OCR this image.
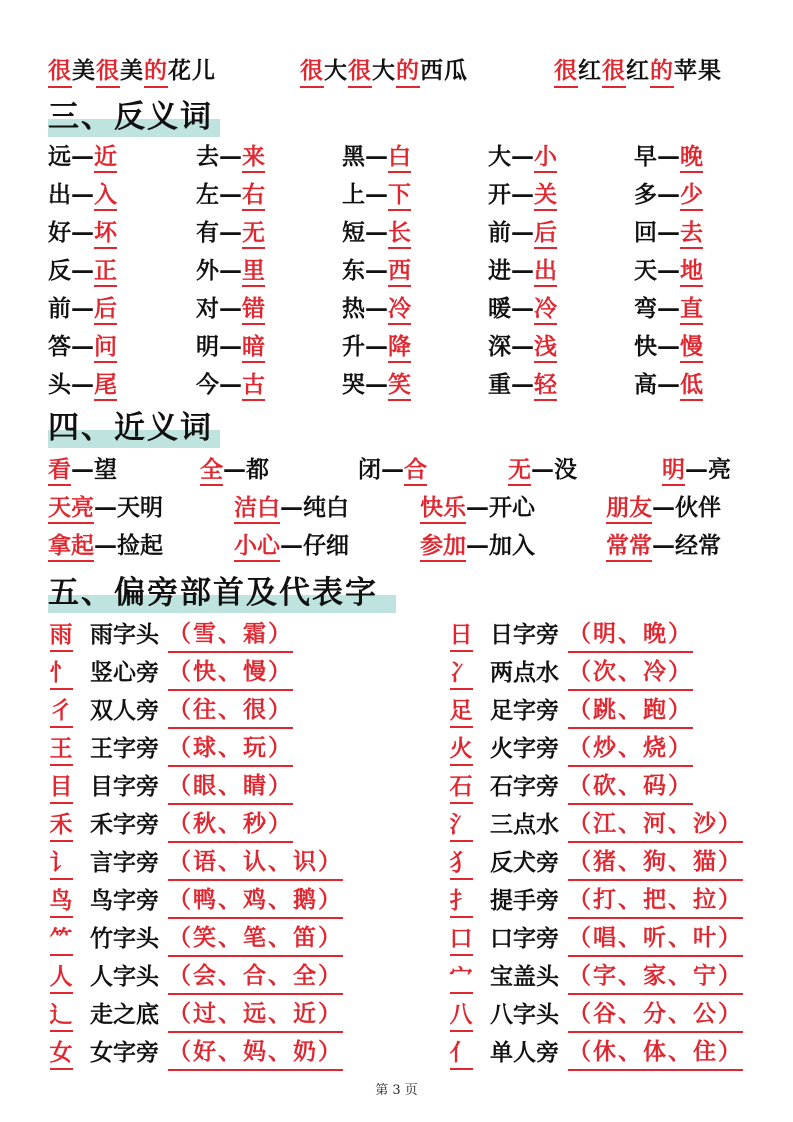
很美很美的花儿	很大很大的西瓜	很红很红的苹果
三、反义词
远—近	去—来	黑—白	大—小	早—晚
出—入	左—右	上—下	开—关	多—少
好—坏	有—无	短—长	前—后	回—去
反—正	外—里	东—西	进—出	天—地
前—后	对—错	热—冷	暖—冷	弯—直
答—问	明—暗	升—降	深—浅	快—慢
头—尾	今—古	哭—笑	重—轻	高—低
四、近义词
看—望	全—都	闭—合	无—没	明—亮
天亮—天明	洁白—纯白	快乐—开心	朋友—伙伴
拿起—捡起	小心—仔细	参加—加入	常常—经常
五、偏旁部首及代表字
雨 雨字头 （雪、霜）
忄 竖心旁 （快、慢）
彳 双人旁 （往、很）
王 王字旁 （球、玩）
目 目字旁 （眼、睛）
禾 禾字旁 （秋、秒）
讠 言字旁 （语、认、识）
鸟 鸟字旁 （鸭、鸡、鹅）
⺮ 竹字头 （笑、笔、笛）
人 人字头 （会、合、全）
辶 走之底 （过、远、近）
女 女字旁 （好、妈、奶）
日 日字旁 （明、晚）
冫 两点水 （次、冷）
足 足字旁 （跳、跑）
火 火字旁 （炒、烧）
石 石字旁 （砍、码）
氵 三点水 （江、河、沙）
犭 反犬旁 （猪、狗、猫）
扌 提手旁 （打、把、拉）
口 口字旁 （唱、听、叶）
宀 宝盖头 （字、家、宁）
八 八字头 （谷、分、公）
亻 单人旁 （休、体、住）
第 3 页
